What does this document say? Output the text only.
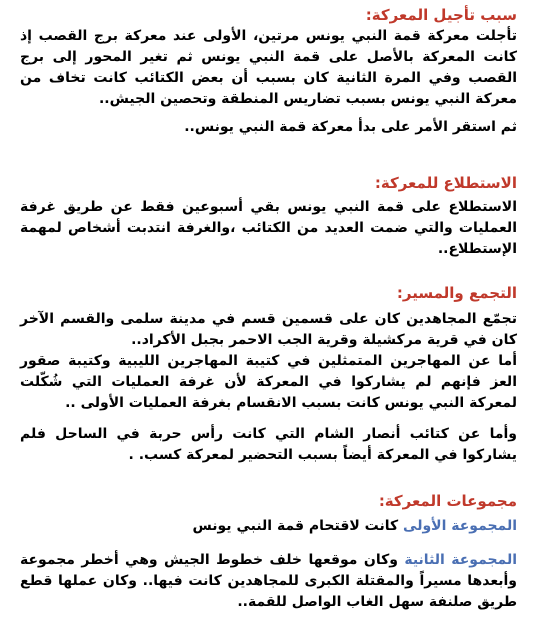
سبب تأجيل المعركة:

تأجلت معركة قمة النبي يونس مرتين، الأولى عند معركة برج القصب إذ كانت المعركة بالأصل على قمة النبي يونس ثم تغير المحور إلى برج القصب وفي المرة الثانية كان بسبب أن بعض الكتائب كانت تخاف من معركة النبي يونس بسبب تضاريس المنطقة وتحصين الجيش..

ثم استقر الأمر على بدأ معركة قمة النبي يونس..

الاستطلاع للمعركة:

الاستطلاع على قمة النبي يونس بقي أسبوعين فقط عن طريق غرفة العمليات والتي ضمت العديد من الكتائب ،والغرفة انتدبت أشخاص لمهمة الإستطلاع..

التجمع والمسير:

تجمّع المجاهدين كان على قسمين قسم في مدينة سلمى والقسم الآخر كان في قرية مركشيلة وقرية الجب الاحمر بجبل الأكراد..

أما عن المهاجرين المتمثلين في كتيبة المهاجرين الليبية وكتيبة صقور العز فإنهم لم يشاركوا في المعركة لأن غرفة العمليات التي شُكّلت لمعركة النبي يونس كانت بسبب الانقسام بغرفة العمليات الأولى ..

وأما عن كتائب أنصار الشام التي كانت رأس حربة في الساحل فلم يشاركوا في المعركة أيضاً بسبب التحضير لمعركة كسب. .

مجموعات المعركة:

المجموعة الأولى كانت لاقتحام قمة النبي يونس

المجموعة الثانية وكان موقعها خلف خطوط الجيش وهي أخطر مجموعة وأبعدها مسيراً والمقتلة الكبرى للمجاهدين كانت فيها.. وكان عملها قطع طريق صلنفة سهل الغاب الواصل للقمة..
